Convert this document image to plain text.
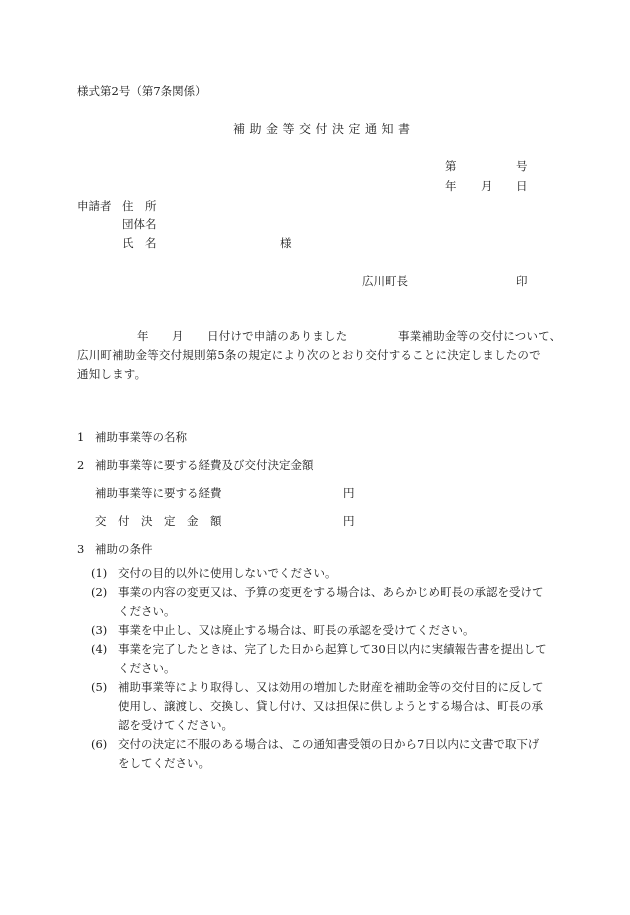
様式第2号（第7条関係）
補助金等交付決定通知書
第	号
年 月 日
申請者 住　所
団体名
氏　名	様
広川町長	印
年 月 日付けで申請のありました	事業補助金等の交付について、
広川町補助金等交付規則第5条の規定により次のとおり交付することに決定しましたので
通知します。
1 補助事業等の名称
2 補助事業等に要する経費及び交付決定金額
補助事業等に要する経費	円
交　付　決　定　金　額	円
3 補助の条件
(1) 交付の目的以外に使用しないでください。
(2) 事業の内容の変更又は、予算の変更をする場合は、あらかじめ町長の承認を受けて
ください。
(3) 事業を中止し、又は廃止する場合は、町長の承認を受けてください。
(4) 事業を完了したときは、完了した日から起算して30日以内に実績報告書を提出して
ください。
(5) 補助事業等により取得し、又は効用の増加した財産を補助金等の交付目的に反して
使用し、譲渡し、交換し、貸し付け、又は担保に供しようとする場合は、町長の承
認を受けてください。
(6) 交付の決定に不服のある場合は、この通知書受領の日から7日以内に文書で取下げ
をしてください。
